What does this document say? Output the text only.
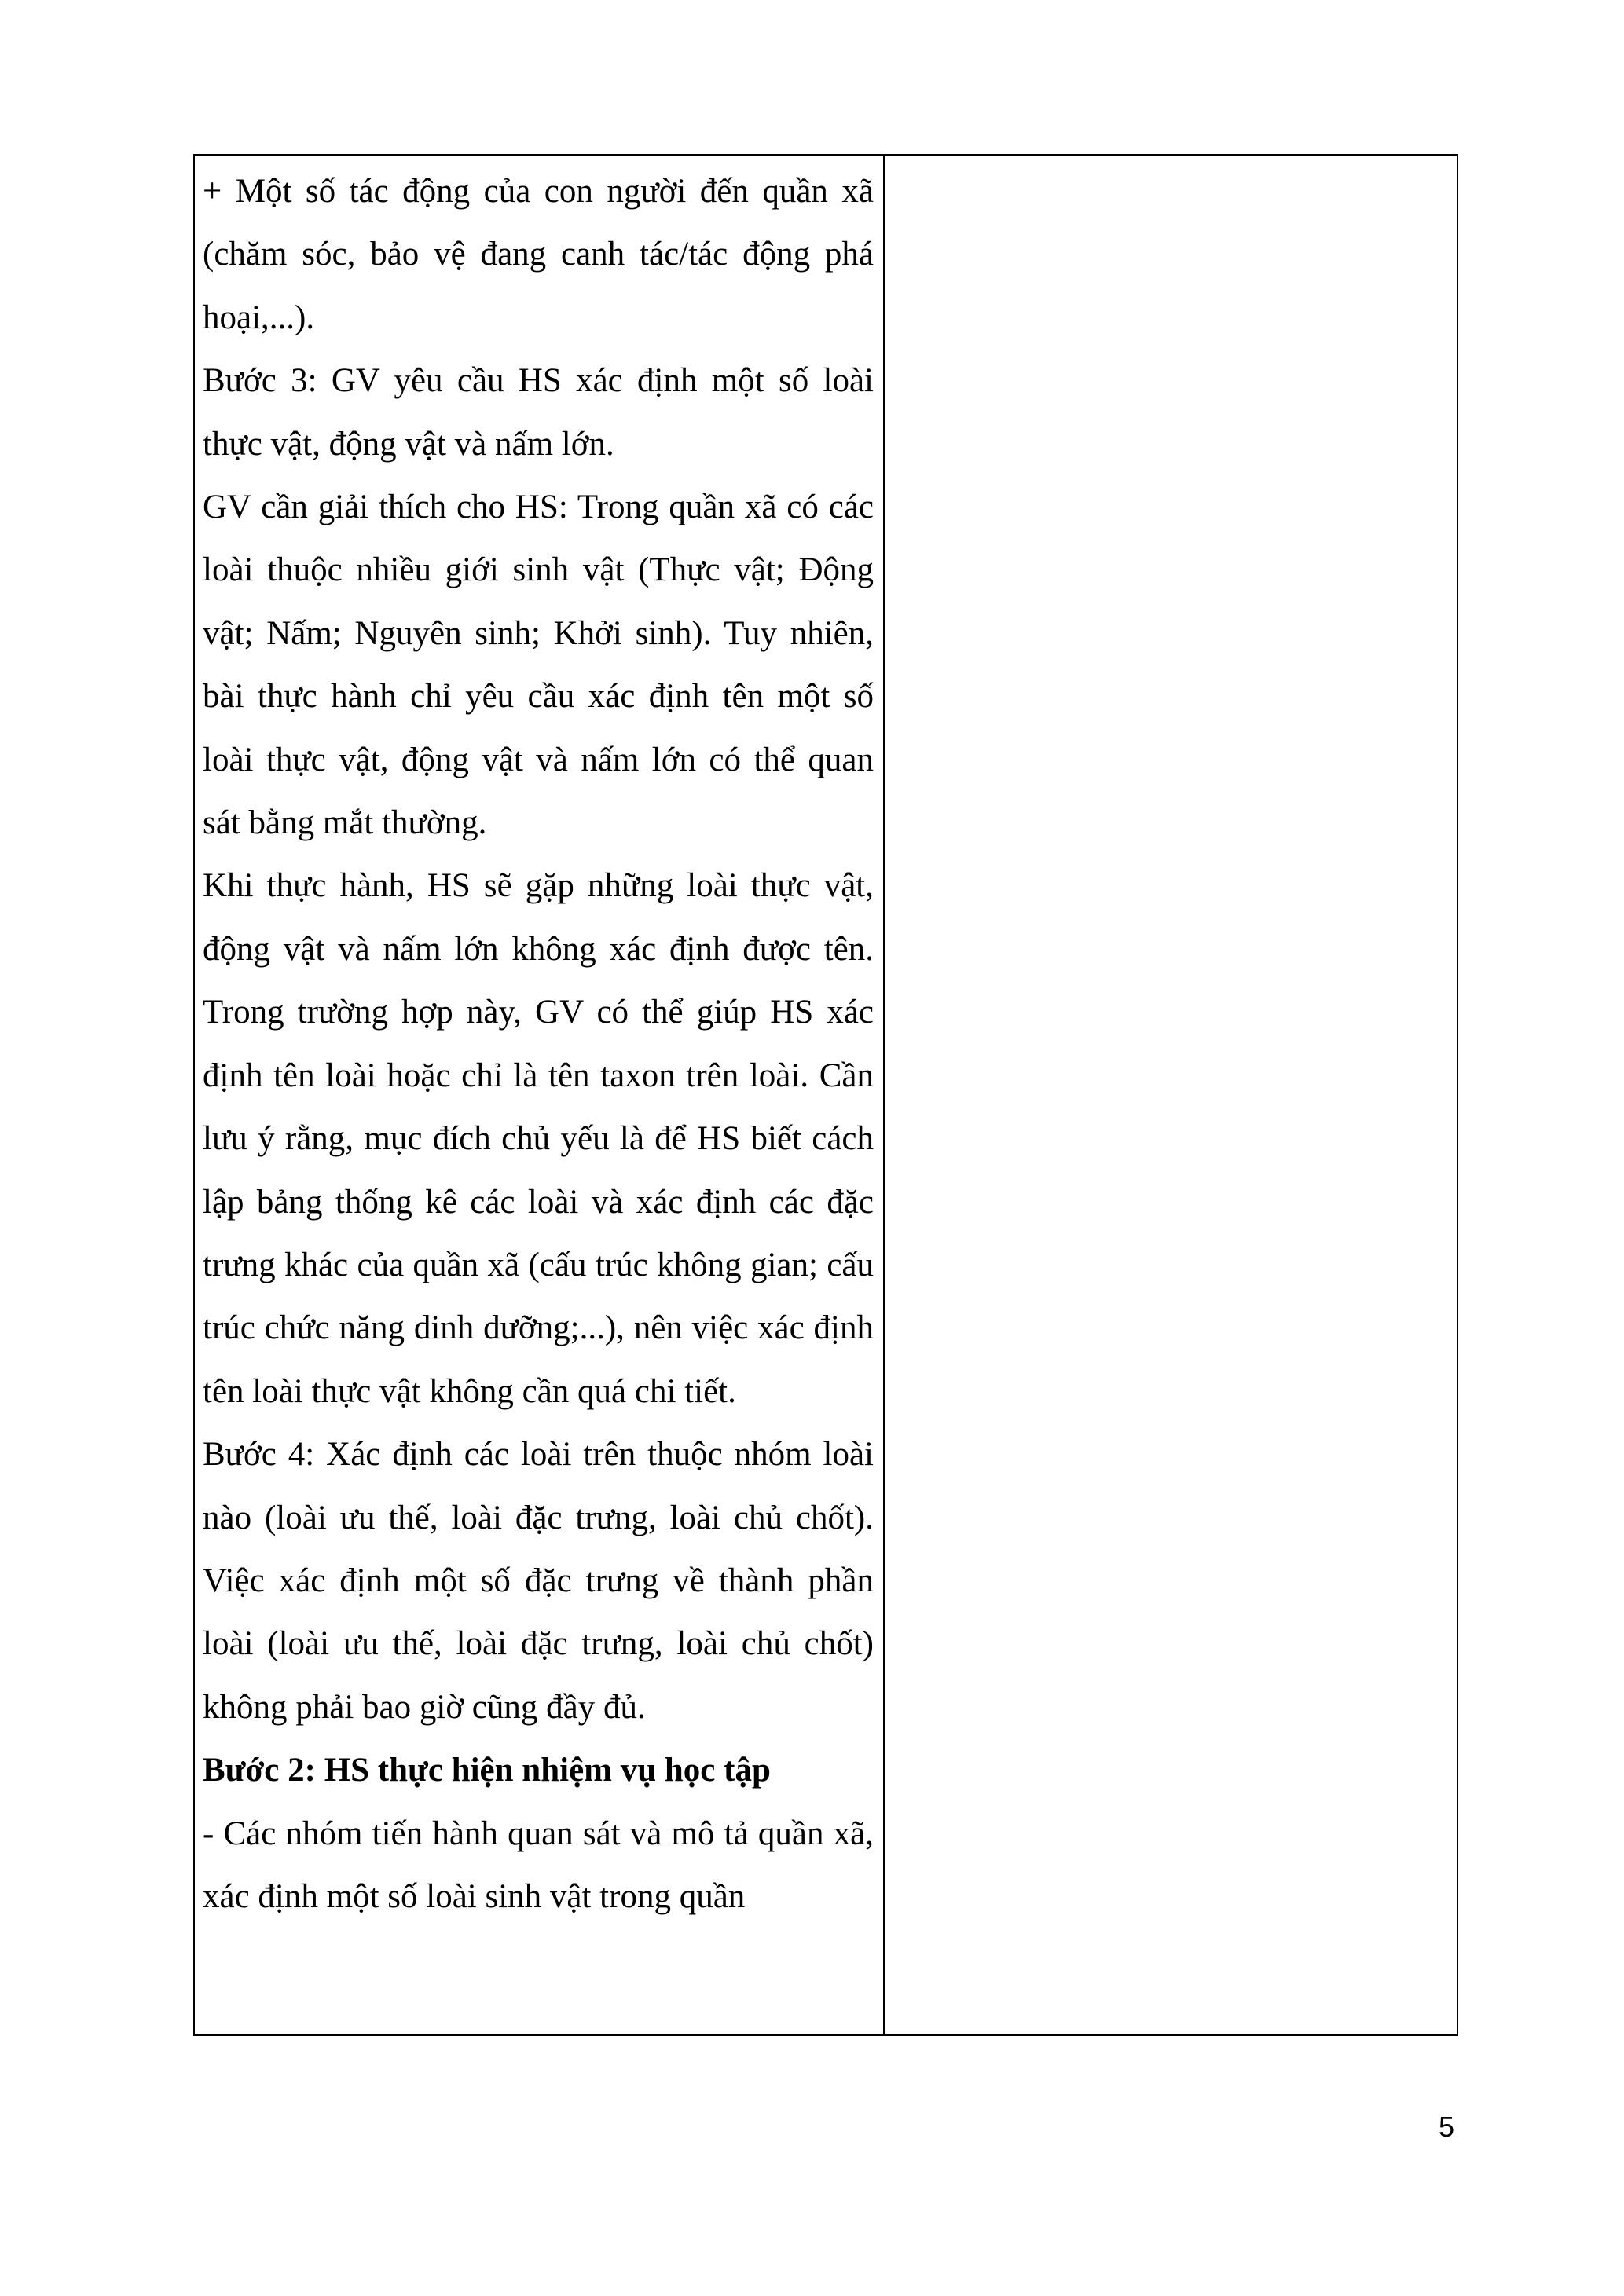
+ Một số tác động của con người đến quần xã (chăm sóc, bảo vệ đang canh tác/tác động phá hoại,...).

Bước 3: GV yêu cầu HS xác định một số loài thực vật, động vật và nấm lớn.

GV cần giải thích cho HS: Trong quần xã có các loài thuộc nhiều giới sinh vật (Thực vật; Động vật; Nấm; Nguyên sinh; Khởi sinh). Tuy nhiên, bài thực hành chỉ yêu cầu xác định tên một số loài thực vật, động vật và nấm lớn có thể quan sát bằng mắt thường.

Khi thực hành, HS sẽ gặp những loài thực vật, động vật và nấm lớn không xác định được tên. Trong trường hợp này, GV có thể giúp HS xác định tên loài hoặc chỉ là tên taxon trên loài. Cần lưu ý rằng, mục đích chủ yếu là để HS biết cách lập bảng thống kê các loài và xác định các đặc trưng khác của quần xã (cấu trúc không gian; cấu trúc chức năng dinh dưỡng;...), nên việc xác định tên loài thực vật không cần quá chi tiết.

Bước 4: Xác định các loài trên thuộc nhóm loài nào (loài ưu thế, loài đặc trưng, loài chủ chốt). Việc xác định một số đặc trưng về thành phần loài (loài ưu thế, loài đặc trưng, loài chủ chốt) không phải bao giờ cũng đầy đủ.

Bước 2: HS thực hiện nhiệm vụ học tập

- Các nhóm tiến hành quan sát và mô tả quần xã, xác định một số loài sinh vật trong quần

5
